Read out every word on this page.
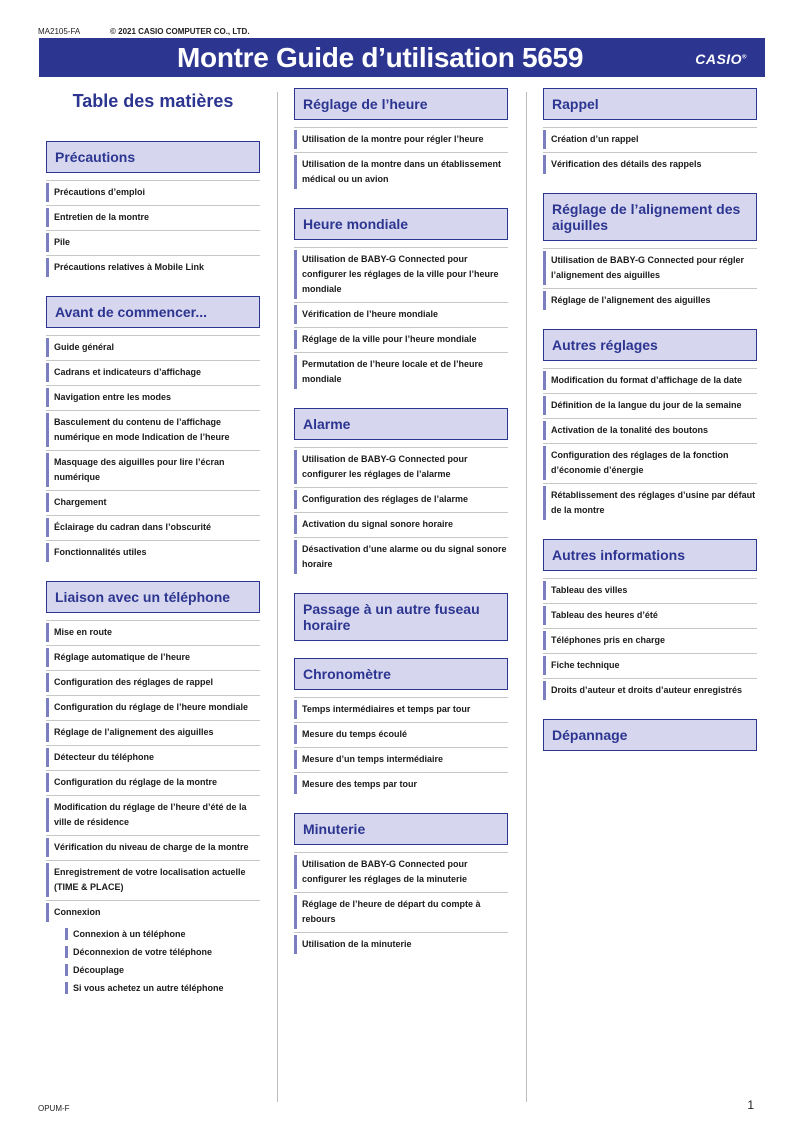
MA2105-FA	© 2021 CASIO COMPUTER CO., LTD.
Montre Guide d’utilisation 5659	CASIO®
Table des matières
Précautions
Précautions d’emploi
Entretien de la montre
Pile
Précautions relatives à Mobile Link
Avant de commencer...
Guide général
Cadrans et indicateurs d’affichage
Navigation entre les modes
Basculement du contenu de l’affichage numérique en mode Indication de l’heure
Masquage des aiguilles pour lire l’écran numérique
Chargement
Éclairage du cadran dans l’obscurité
Fonctionnalités utiles
Liaison avec un téléphone
Mise en route
Réglage automatique de l’heure
Configuration des réglages de rappel
Configuration du réglage de l’heure mondiale
Réglage de l’alignement des aiguilles
Détecteur du téléphone
Configuration du réglage de la montre
Modification du réglage de l’heure d’été de la ville de résidence
Vérification du niveau de charge de la montre
Enregistrement de votre localisation actuelle (TIME & PLACE)
Connexion
Connexion à un téléphone
Déconnexion de votre téléphone
Découplage
Si vous achetez un autre téléphone
Réglage de l’heure
Utilisation de la montre pour régler l’heure
Utilisation de la montre dans un établissement médical ou un avion
Heure mondiale
Utilisation de BABY-G Connected pour configurer les réglages de la ville pour l’heure mondiale
Vérification de l’heure mondiale
Réglage de la ville pour l’heure mondiale
Permutation de l’heure locale et de l’heure mondiale
Alarme
Utilisation de BABY-G Connected pour configurer les réglages de l’alarme
Configuration des réglages de l’alarme
Activation du signal sonore horaire
Désactivation d’une alarme ou du signal sonore horaire
Passage à un autre fuseau horaire
Chronomètre
Temps intermédiaires et temps par tour
Mesure du temps écoulé
Mesure d’un temps intermédiaire
Mesure des temps par tour
Minuterie
Utilisation de BABY-G Connected pour configurer les réglages de la minuterie
Réglage de l’heure de départ du compte à rebours
Utilisation de la minuterie
Rappel
Création d’un rappel
Vérification des détails des rappels
Réglage de l’alignement des aiguilles
Utilisation de BABY-G Connected pour régler l’alignement des aiguilles
Réglage de l’alignement des aiguilles
Autres réglages
Modification du format d’affichage de la date
Définition de la langue du jour de la semaine
Activation de la tonalité des boutons
Configuration des réglages de la fonction d’économie d’énergie
Rétablissement des réglages d’usine par défaut de la montre
Autres informations
Tableau des villes
Tableau des heures d’été
Téléphones pris en charge
Fiche technique
Droits d’auteur et droits d’auteur enregistrés
Dépannage
OPUM-F	1
